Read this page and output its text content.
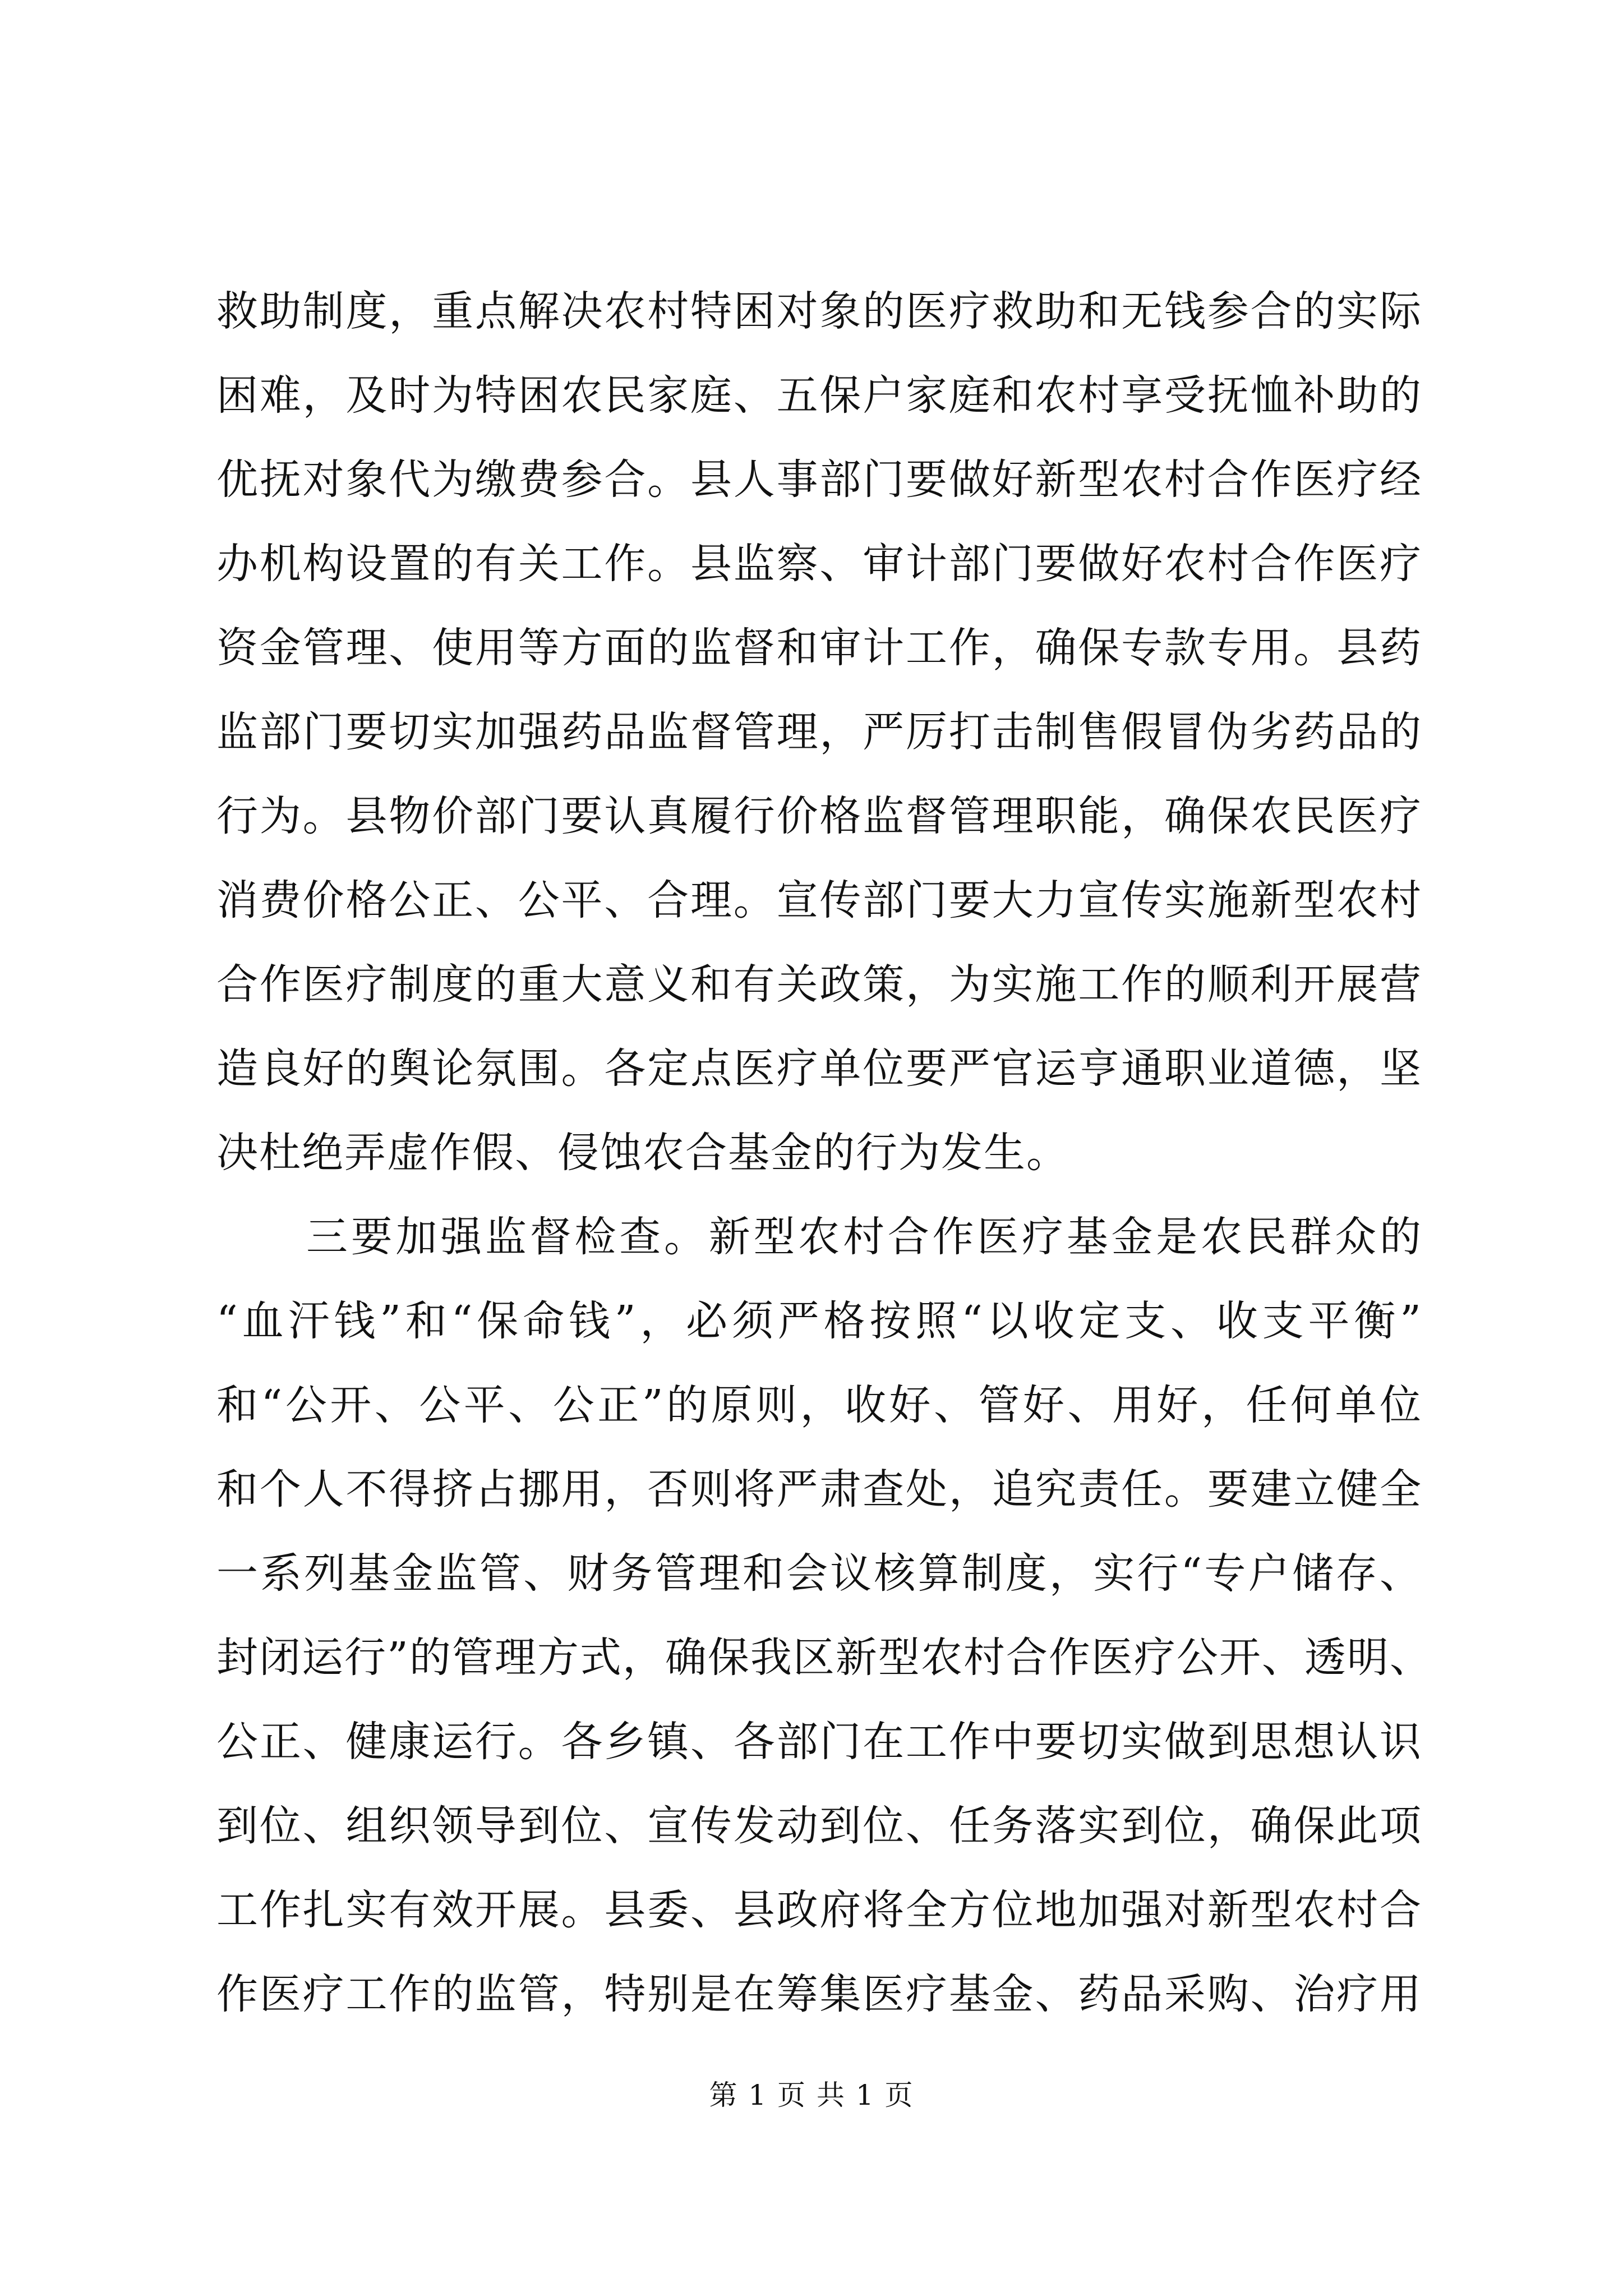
救助制度，重点解决农村特困对象的医疗救助和无钱参合的实际
困难，及时为特困农民家庭、五保户家庭和农村享受抚恤补助的
优抚对象代为缴费参合。县人事部门要做好新型农村合作医疗经
办机构设置的有关工作。县监察、审计部门要做好农村合作医疗
资金管理、使用等方面的监督和审计工作，确保专款专用。县药
监部门要切实加强药品监督管理，严厉打击制售假冒伪劣药品的
行为。县物价部门要认真履行价格监督管理职能，确保农民医疗
消费价格公正、公平、合理。宣传部门要大力宣传实施新型农村
合作医疗制度的重大意义和有关政策，为实施工作的顺利开展营
造良好的舆论氛围。各定点医疗单位要严官运亨通职业道德，坚
决杜绝弄虚作假、侵蚀农合基金的行为发生。
三要加强监督检查。新型农村合作医疗基金是农民群众的
“血汗钱”和“保命钱”，必须严格按照“以收定支、收支平衡”
和“公开、公平、公正”的原则，收好、管好、用好，任何单位
和个人不得挤占挪用，否则将严肃查处，追究责任。要建立健全
一系列基金监管、财务管理和会议核算制度，实行“专户储存、
封闭运行”的管理方式，确保我区新型农村合作医疗公开、透明、
公正、健康运行。各乡镇、各部门在工作中要切实做到思想认识
到位、组织领导到位、宣传发动到位、任务落实到位，确保此项
工作扎实有效开展。县委、县政府将全方位地加强对新型农村合
作医疗工作的监管，特别是在筹集医疗基金、药品采购、治疗用
第 1 页 共 1 页
